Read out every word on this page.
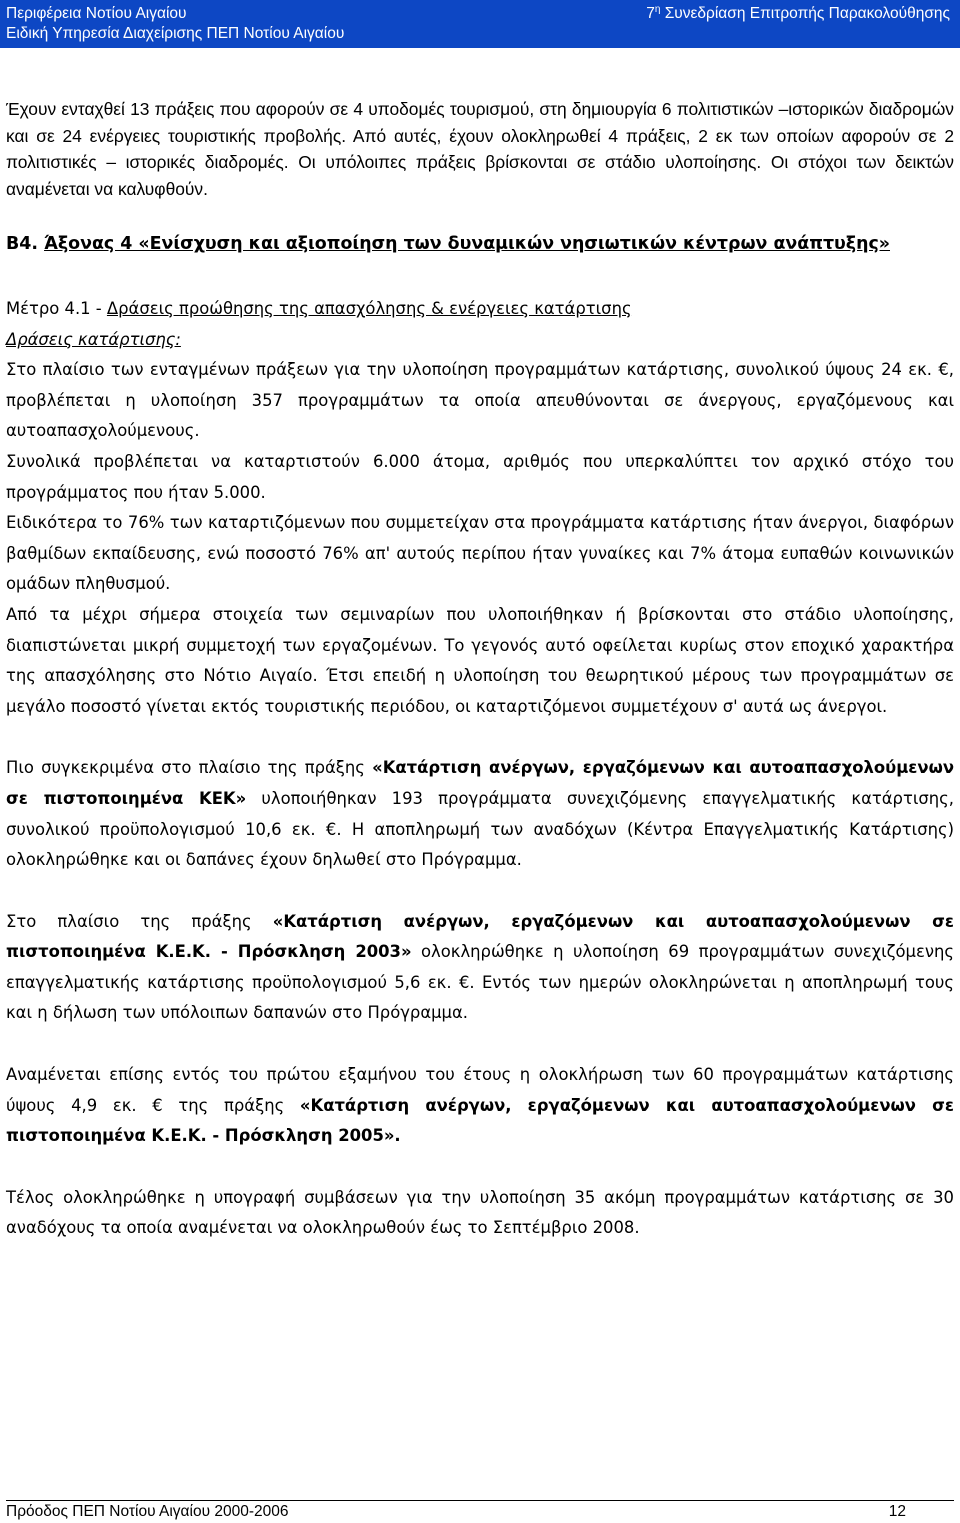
Περιφέρεια Νοτίου Αιγαίου
Ειδική Υπηρεσία Διαχείρισης ΠΕΠ Νοτίου Αιγαίου
$7^\eta$ Συνεδρίαση Επιτροπής Παρακολούθησης

Έχουν ενταχθεί 13 πράξεις που αφορούν σε 4 υποδομές τουρισμού, στη δημιουργία 6 πολιτιστικών –ιστορικών διαδρομών και σε 24 ενέργειες τουριστικής προβολής. Από αυτές, έχουν ολοκληρωθεί 4 πράξεις, 2 εκ των οποίων αφορούν σε 2 πολιτιστικές – ιστορικές διαδρομές. Οι υπόλοιπες πράξεις βρίσκονται σε στάδιο υλοποίησης. Οι στόχοι των δεικτών αναμένεται να καλυφθούν.

Β4. Άξονας 4 «Ενίσχυση και αξιοποίηση των δυναμικών νησιωτικών κέντρων ανάπτυξης»

Μέτρο 4.1 - Δράσεις προώθησης της απασχόλησης & ενέργειες κατάρτισης
Δράσεις κατάρτισης:

Στο πλαίσιο των ενταγμένων πράξεων για την υλοποίηση προγραμμάτων κατάρτισης, συνολικού ύψους 24 εκ. €, προβλέπεται η υλοποίηση 357 προγραμμάτων τα οποία απευθύνονται σε άνεργους, εργαζόμενους και αυτοαπασχολούμενους.

Συνολικά προβλέπεται να καταρτιστούν 6.000 άτομα, αριθμός που υπερκαλύπτει τον αρχικό στόχο του προγράμματος που ήταν 5.000.

Ειδικότερα το 76% των καταρτιζόμενων που συμμετείχαν στα προγράμματα κατάρτισης ήταν άνεργοι, διαφόρων βαθμίδων εκπαίδευσης, ενώ ποσοστό 76% απ' αυτούς περίπου ήταν γυναίκες και 7% άτομα ευπαθών κοινωνικών ομάδων πληθυσμού.

Από τα μέχρι σήμερα στοιχεία των σεμιναρίων που υλοποιήθηκαν ή βρίσκονται στο στάδιο υλοποίησης, διαπιστώνεται μικρή συμμετοχή των εργαζομένων. Το γεγονός αυτό οφείλεται κυρίως στον εποχικό χαρακτήρα της απασχόλησης στο Νότιο Αιγαίο. Έτσι επειδή η υλοποίηση του θεωρητικού μέρους των προγραμμάτων σε μεγάλο ποσοστό γίνεται εκτός τουριστικής περιόδου, οι καταρτιζόμενοι συμμετέχουν σ' αυτά ως άνεργοι.

Πιο συγκεκριμένα στο πλαίσιο της πράξης «Κατάρτιση ανέργων, εργαζόμενων και αυτοαπασχολούμενων σε πιστοποιημένα ΚΕΚ» υλοποιήθηκαν 193 προγράμματα συνεχιζόμενης επαγγελματικής κατάρτισης, συνολικού προϋπολογισμού 10,6 εκ. €. Η αποπληρωμή των αναδόχων (Κέντρα Επαγγελματικής Κατάρτισης) ολοκληρώθηκε και οι δαπάνες έχουν δηλωθεί στο Πρόγραμμα.

Στο πλαίσιο της πράξης «Κατάρτιση ανέργων, εργαζόμενων και αυτοαπασχολούμενων σε πιστοποιημένα Κ.Ε.Κ. - Πρόσκληση 2003» ολοκληρώθηκε η υλοποίηση 69 προγραμμάτων συνεχιζόμενης επαγγελματικής κατάρτισης προϋπολογισμού 5,6 εκ. €. Εντός των ημερών ολοκληρώνεται η αποπληρωμή τους και η δήλωση των υπόλοιπων δαπανών στο Πρόγραμμα.

Αναμένεται επίσης εντός του πρώτου εξαμήνου του έτους η ολοκλήρωση των 60 προγραμμάτων κατάρτισης ύψους 4,9 εκ. € της πράξης «Κατάρτιση ανέργων, εργαζόμενων και αυτοαπασχολούμενων σε πιστοποιημένα Κ.Ε.Κ. - Πρόσκληση 2005».

Τέλος ολοκληρώθηκε η υπογραφή συμβάσεων για την υλοποίηση 35 ακόμη προγραμμάτων κατάρτισης σε 30 αναδόχους τα οποία αναμένεται να ολοκληρωθούν έως το Σεπτέμβριο 2008.

Πρόοδος ΠΕΠ Νοτίου Αιγαίου 2000-2006	12
